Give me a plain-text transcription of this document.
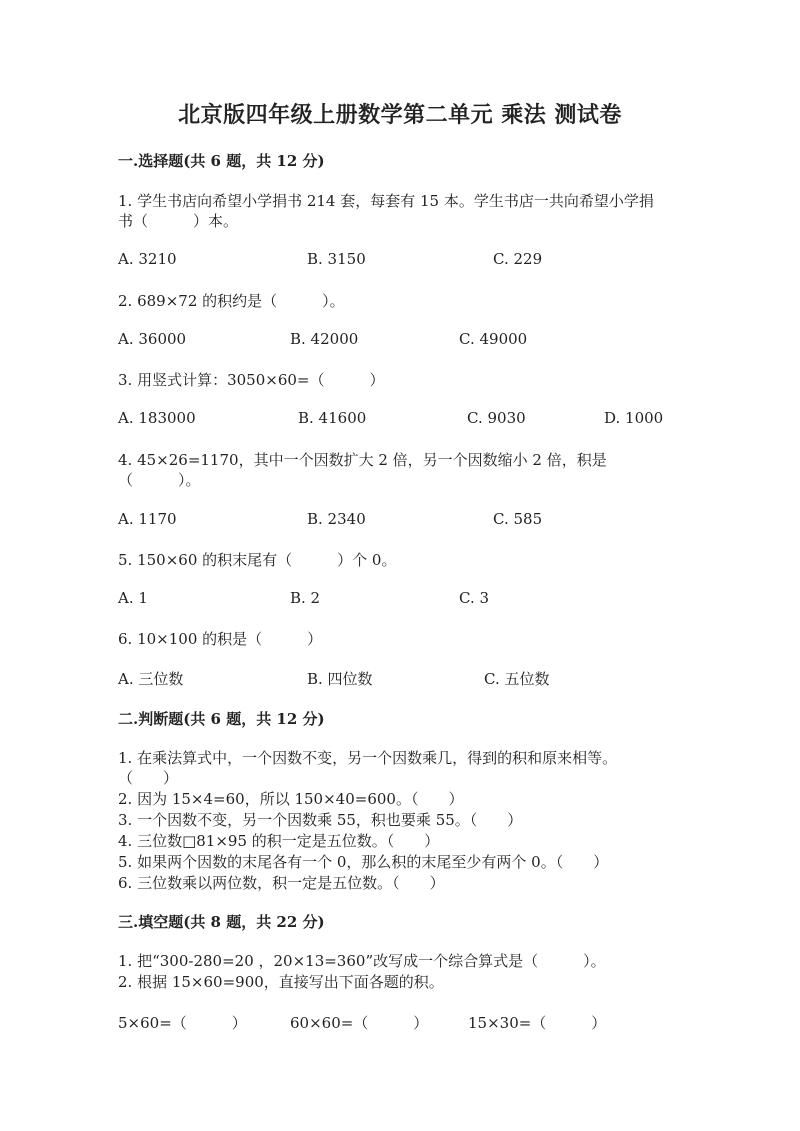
北京版四年级上册数学第二单元 乘法 测试卷
一.选择题(共 6 题，共 12 分)
1. 学生书店向希望小学捐书 214 套，每套有 15 本。学生书店一共向希望小学捐
书（　　　）本。
A. 3210	B. 3150	C. 229
2. 689×72 的积约是（　　　）。
A. 36000	B. 42000	C. 49000
3. 用竖式计算：3050×60=（　　　）
A. 183000	B. 41600	C. 9030	D. 1000
4. 45×26=1170，其中一个因数扩大 2 倍，另一个因数缩小 2 倍，积是
（　　　）。
A. 1170	B. 2340	C. 585
5. 150×60 的积末尾有（　　　）个 0。
A. 1	B. 2	C. 3
6. 10×100 的积是（　　　）
A. 三位数	B. 四位数	C. 五位数
二.判断题(共 6 题，共 12 分)
1. 在乘法算式中，一个因数不变，另一个因数乘几，得到的积和原来相等。
（　　）
2. 因为 15×4=60，所以 150×40=600。（　　）
3. 一个因数不变，另一个因数乘 55，积也要乘 55。（　　）
4. 三位数□81×95 的积一定是五位数。（　　）
5. 如果两个因数的末尾各有一个 0，那么积的末尾至少有两个 0。（　　）
6. 三位数乘以两位数，积一定是五位数。（　　）
三.填空题(共 8 题，共 22 分)
1. 把“300-280=20 ，20×13=360”改写成一个综合算式是（　　　）。
2. 根据 15×60=900，直接写出下面各题的积。
5×60=（　　　）	60×60=（　　　）	15×30=（　　　）
